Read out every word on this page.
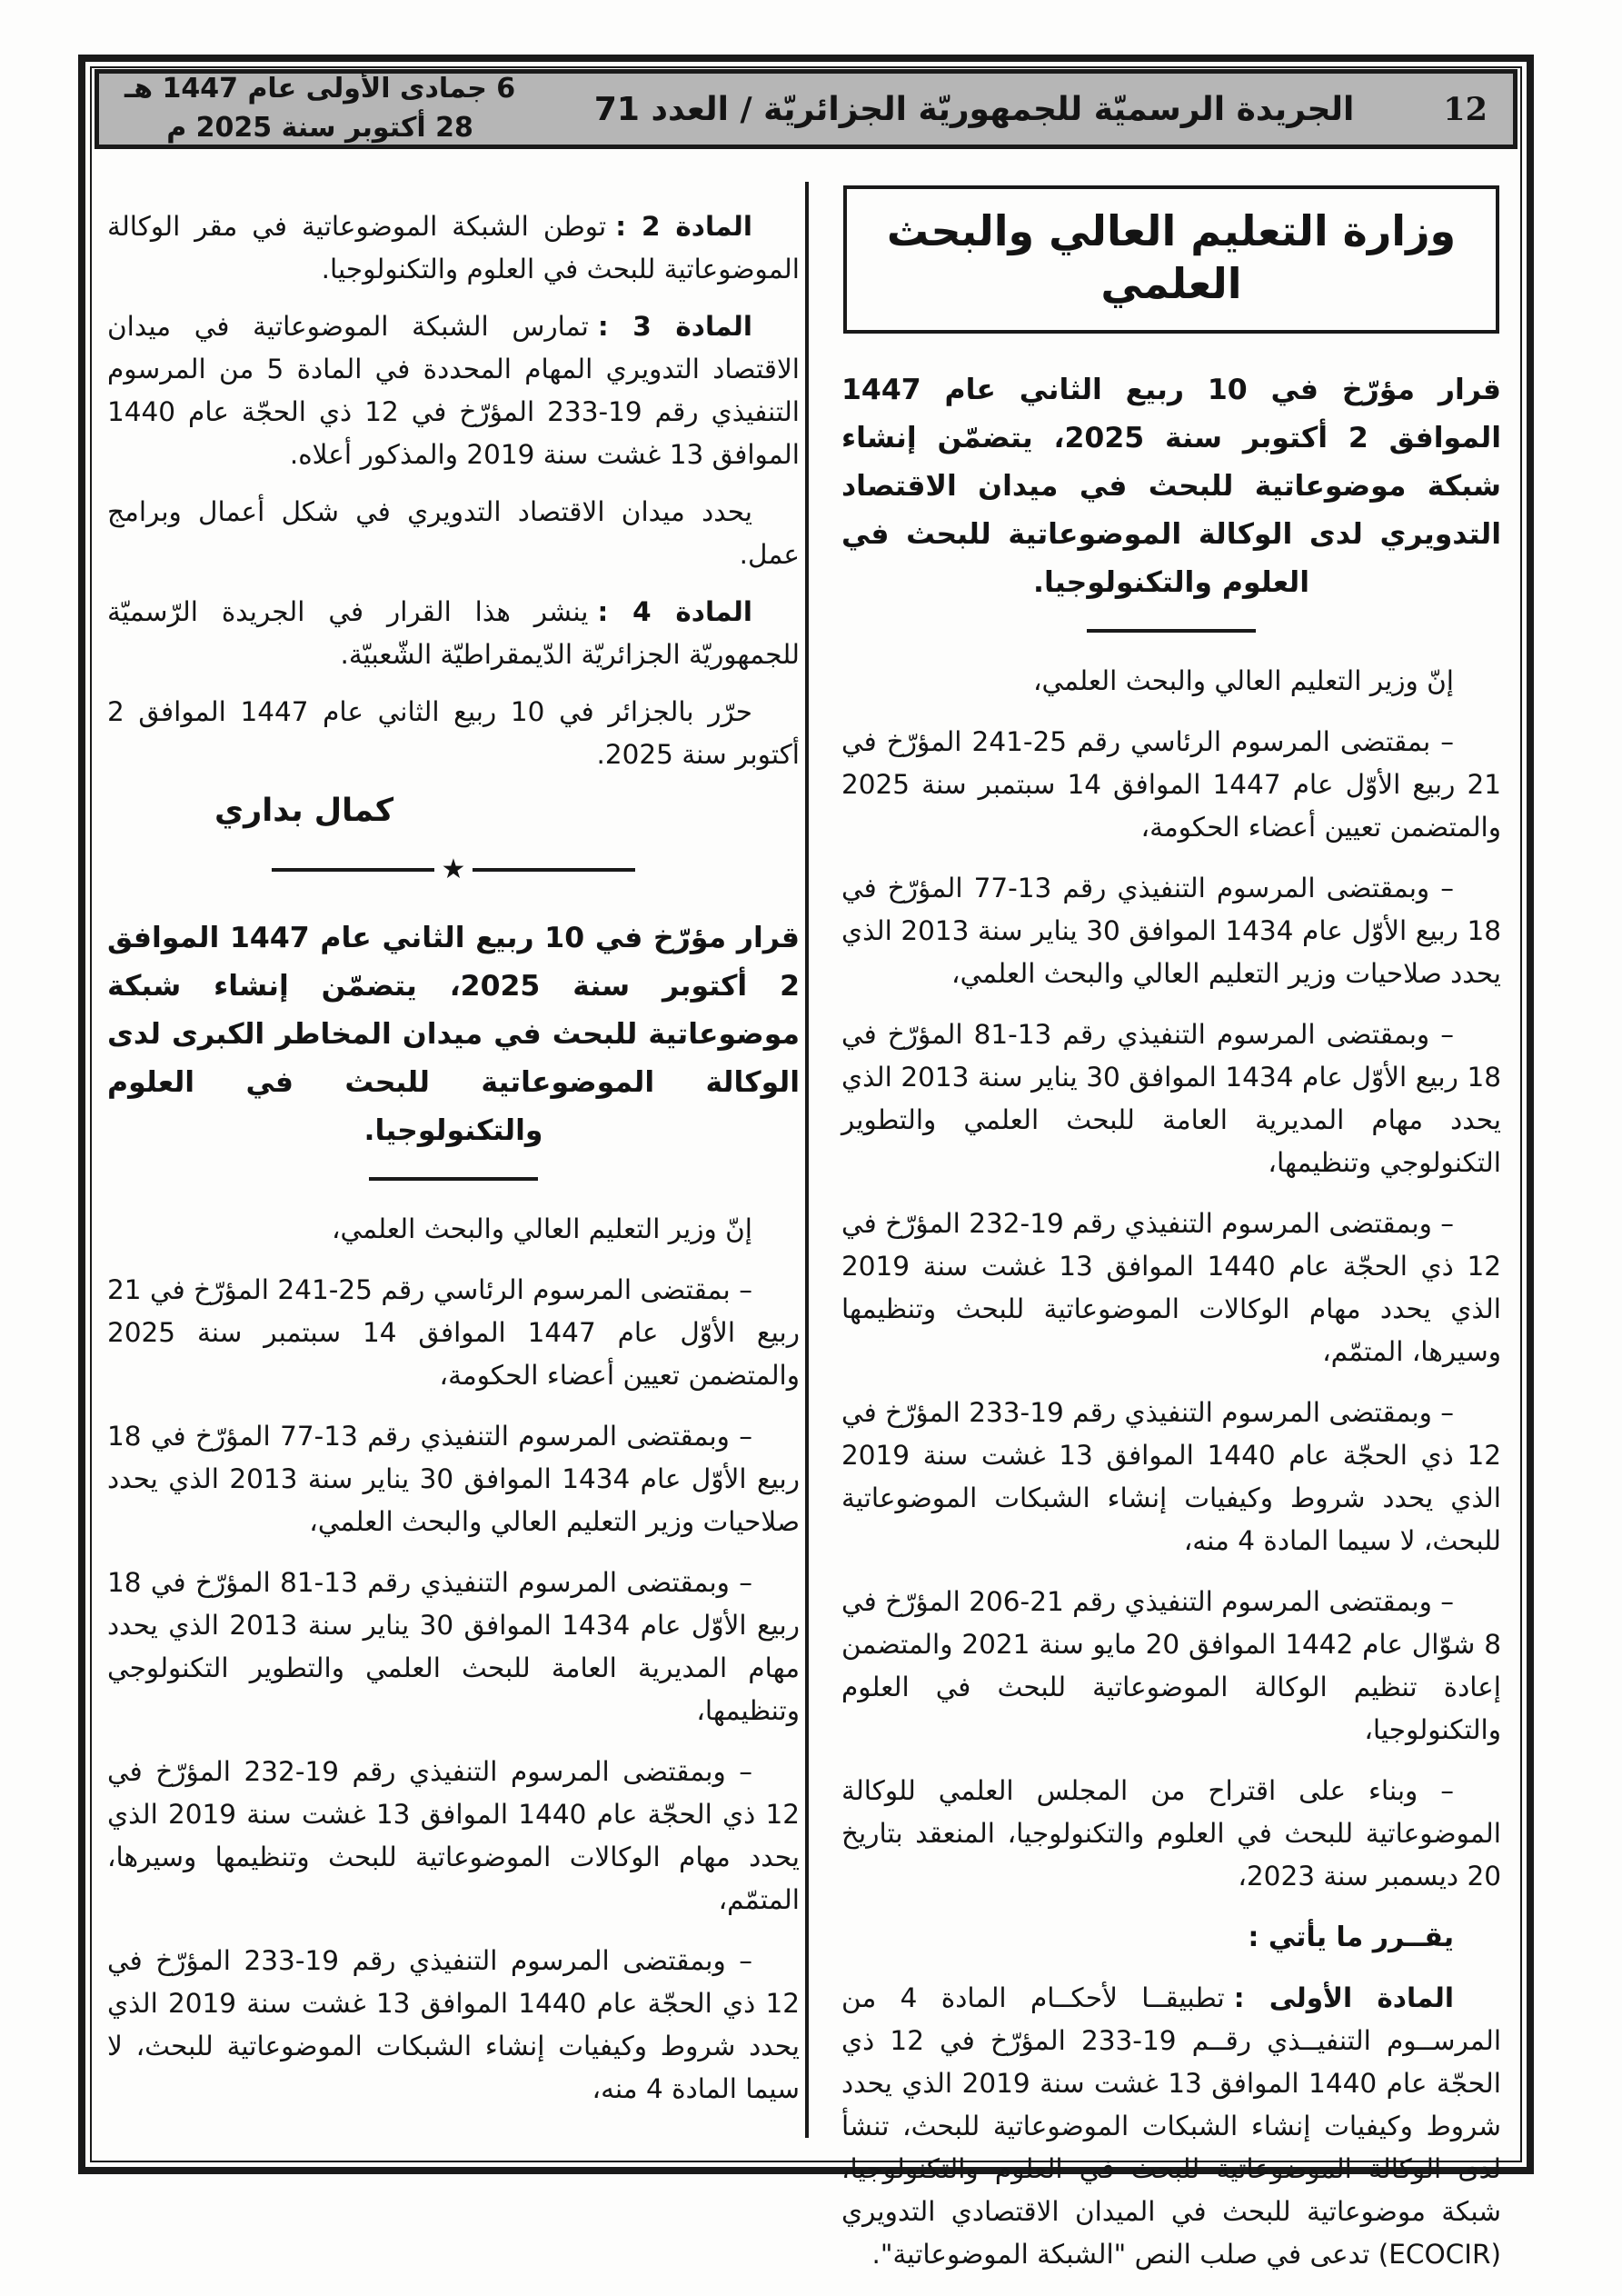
6 جمادى الأولى عام 1447 هـ
28 أكتوبر سنة 2025 م	الجريدة الرسميّة للجمهوريّة الجزائريّة / العدد 71	12
وزارة التعليم العالي والبحث العلمي
قرار مؤرّخ في 10 ربيع الثاني عام 1447 الموافق 2 أكتوبر سنة 2025، يتضمّن إنشاء شبكة موضوعاتية للبحث في ميدان الاقتصاد التدويري لدى الوكالة الموضوعاتية للبحث في العلوم والتكنولوجيا.

إنّ وزير التعليم العالي والبحث العلمي،

– بمقتضى المرسوم الرئاسي رقم 25‏-‏241 المؤرّخ في 21 ربيع الأوّل عام 1447 الموافق 14 سبتمبر سنة 2025 والمتضمن تعيين أعضاء الحكومة،

– وبمقتضى المرسوم التنفيذي رقم 13‏-‏77 المؤرّخ في 18 ربيع الأوّل عام 1434 الموافق 30 يناير سنة 2013 الذي يحدد صلاحيات وزير التعليم العالي والبحث العلمي،

– وبمقتضى المرسوم التنفيذي رقم 13‏-‏81 المؤرّخ في 18 ربيع الأوّل عام 1434 الموافق 30 يناير سنة 2013 الذي يحدد مهام المديرية العامة للبحث العلمي والتطوير التكنولوجي وتنظيمها،

– وبمقتضى المرسوم التنفيذي رقم 19‏-‏232 المؤرّخ في 12 ذي الحجّة عام 1440 الموافق 13 غشت سنة 2019 الذي يحدد مهام الوكالات الموضوعاتية للبحث وتنظيمها وسيرها، المتمّم،

– وبمقتضى المرسوم التنفيذي رقم 19‏-‏233 المؤرّخ في 12 ذي الحجّة عام 1440 الموافق 13 غشت سنة 2019 الذي يحدد شروط وكيفيات إنشاء الشبكات الموضوعاتية للبحث، لا سيما المادة 4 منه،

– وبمقتضى المرسوم التنفيذي رقم 21‏-‏206 المؤرّخ في 8 شوّال عام 1442 الموافق 20 مايو سنة 2021 والمتضمن إعادة تنظيم الوكالة الموضوعاتية للبحث في العلوم والتكنولوجيا،

– وبناء على اقتراح من المجلس العلمي للوكالة الموضوعاتية للبحث في العلوم والتكنولوجيا، المنعقد بتاريخ 20 ديسمبر سنة 2023،

يقــرر ما يأتي :

المادة الأولى :تطبيقــا لأحكــام المادة 4 من المرســوم التنفيــذي رقــم 19‏-‏233 المؤرّخ في 12 ذي الحجّة عام 1440 الموافق 13 غشت سنة 2019 الذي يحدد شروط وكيفيات إنشاء الشبكات الموضوعاتية للبحث، تنشأ لدى الوكالة الموضوعاتية للبحث في العلوم والتكنولوجيا، شبكة موضوعاتية للبحث في الميدان الاقتصادي التدويري (ECOCIR) تدعى في صلب النص "الشبكة الموضوعاتية".

المادة 2 :توطن الشبكة الموضوعاتية في مقر الوكالة الموضوعاتية للبحث في العلوم والتكنولوجيا.

المادة 3 :تمارس الشبكة الموضوعاتية في ميدان الاقتصاد التدويري المهام المحددة في المادة 5 من المرسوم التنفيذي رقم 19‏-‏233 المؤرّخ في 12 ذي الحجّة عام 1440 الموافق 13 غشت سنة 2019 والمذكور أعلاه.

يحدد ميدان الاقتصاد التدويري في شكل أعمال وبرامج عمل.

المادة 4 :ينشر هذا القرار في الجريدة الرّسميّة للجمهوريّة الجزائريّة الدّيمقراطيّة الشّعبيّة.

حرّر بالجزائر في 10 ربيع الثاني عام 1447 الموافق 2 أكتوبر سنة 2025.

كمال بداري
★
قرار مؤرّخ في 10 ربيع الثاني عام 1447 الموافق 2 أكتوبر سنة 2025، يتضمّن إنشاء شبكة موضوعاتية للبحث في ميدان المخاطر الكبرى لدى الوكالة الموضوعاتية للبحث في العلوم والتكنولوجيا.

إنّ وزير التعليم العالي والبحث العلمي،

– بمقتضى المرسوم الرئاسي رقم 25‏-‏241 المؤرّخ في 21 ربيع الأوّل عام 1447 الموافق 14 سبتمبر سنة 2025 والمتضمن تعيين أعضاء الحكومة،

– وبمقتضى المرسوم التنفيذي رقم 13‏-‏77 المؤرّخ في 18 ربيع الأوّل عام 1434 الموافق 30 يناير سنة 2013 الذي يحدد صلاحيات وزير التعليم العالي والبحث العلمي،

– وبمقتضى المرسوم التنفيذي رقم 13‏-‏81 المؤرّخ في 18 ربيع الأوّل عام 1434 الموافق 30 يناير سنة 2013 الذي يحدد مهام المديرية العامة للبحث العلمي والتطوير التكنولوجي وتنظيمها،

– وبمقتضى المرسوم التنفيذي رقم 19‏-‏232 المؤرّخ في 12 ذي الحجّة عام 1440 الموافق 13 غشت سنة 2019 الذي يحدد مهام الوكالات الموضوعاتية للبحث وتنظيمها وسيرها، المتمّم،

– وبمقتضى المرسوم التنفيذي رقم 19‏-‏233 المؤرّخ في 12 ذي الحجّة عام 1440 الموافق 13 غشت سنة 2019 الذي يحدد شروط وكيفيات إنشاء الشبكات الموضوعاتية للبحث، لا سيما المادة 4 منه،
